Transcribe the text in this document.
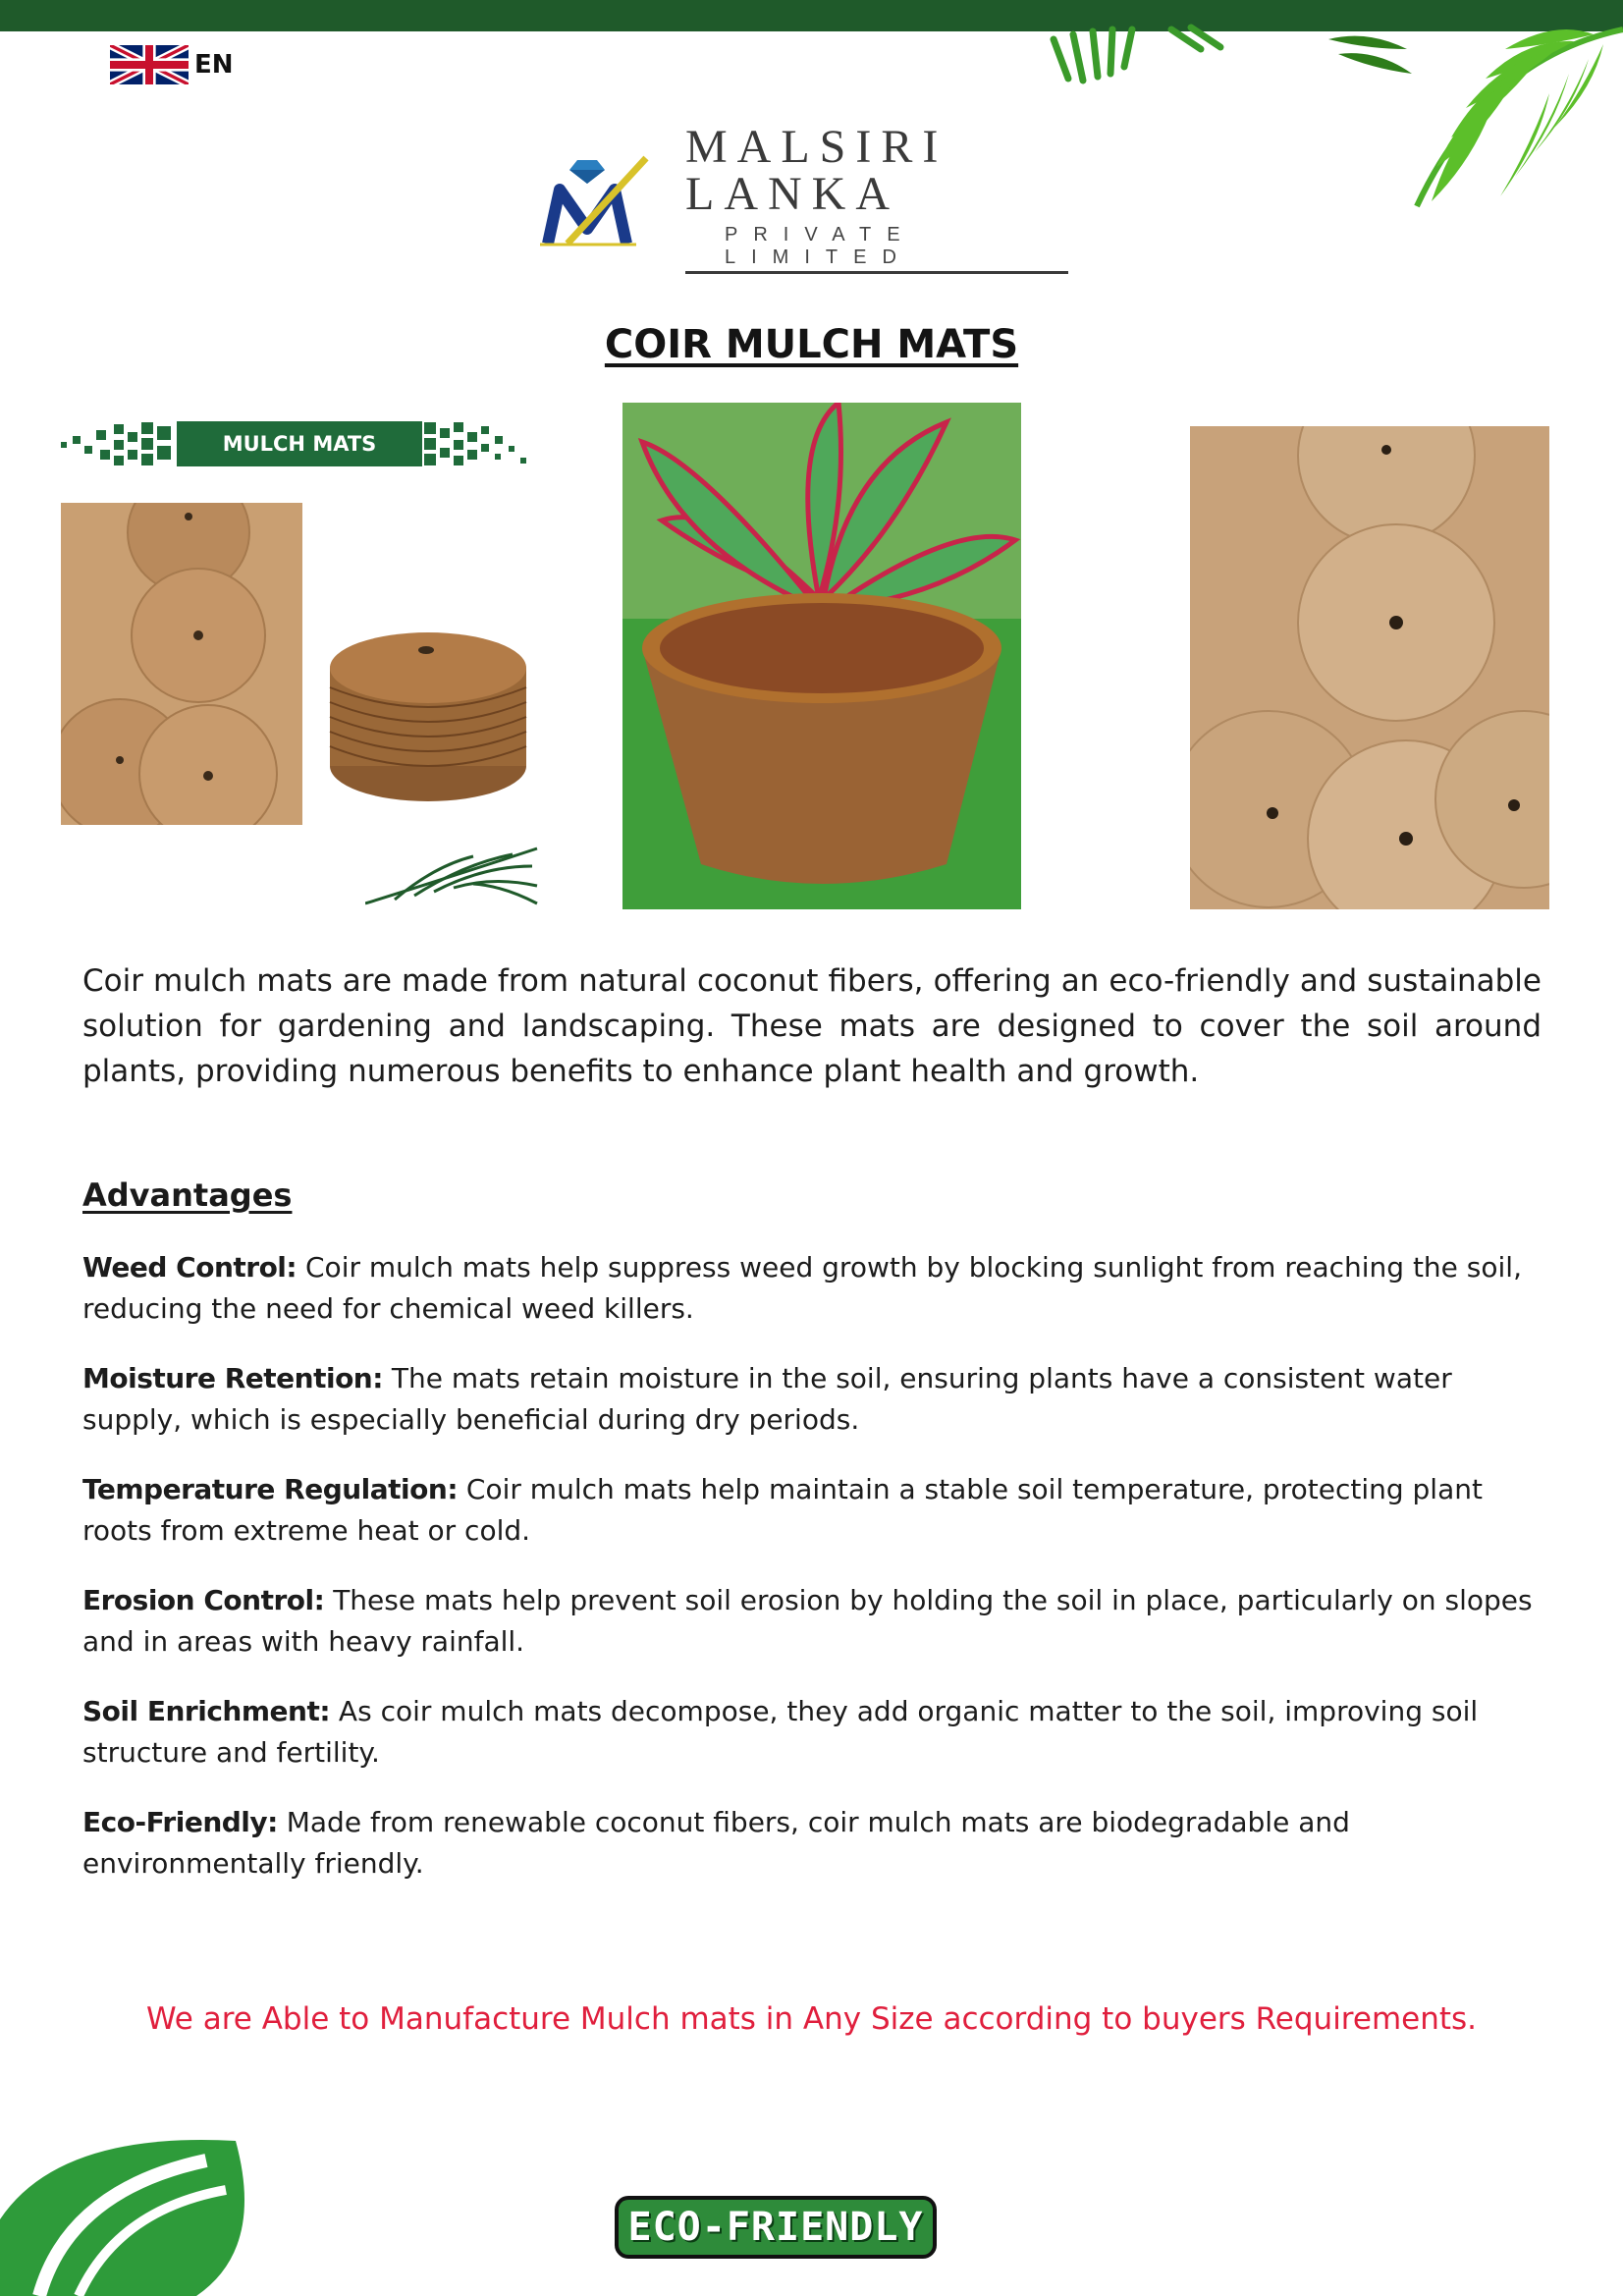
EN
MALSIRI LANKA
PRIVATE LIMITED
COIR MULCH MATS
MULCH MATS
Coir mulch mats are made from natural coconut fibers, offering an eco-friendly and sustainable solution for gardening and landscaping. These mats are designed to cover the soil around plants, providing numerous benefits to enhance plant health and growth.
Advantages
Weed Control: Coir mulch mats help suppress weed growth by blocking sunlight from reaching the soil, reducing the need for chemical weed killers.
Moisture Retention: The mats retain moisture in the soil, ensuring plants have a consistent water supply, which is especially beneficial during dry periods.
Temperature Regulation: Coir mulch mats help maintain a stable soil temperature, protecting plant roots from extreme heat or cold.
Erosion Control: These mats help prevent soil erosion by holding the soil in place, particularly on slopes and in areas with heavy rainfall.
Soil Enrichment: As coir mulch mats decompose, they add organic matter to the soil, improving soil structure and fertility.
Eco-Friendly: Made from renewable coconut fibers, coir mulch mats are biodegradable and environmentally friendly.
We are Able to Manufacture Mulch mats in Any Size according to buyers Requirements.
ECO-FRIENDLY
